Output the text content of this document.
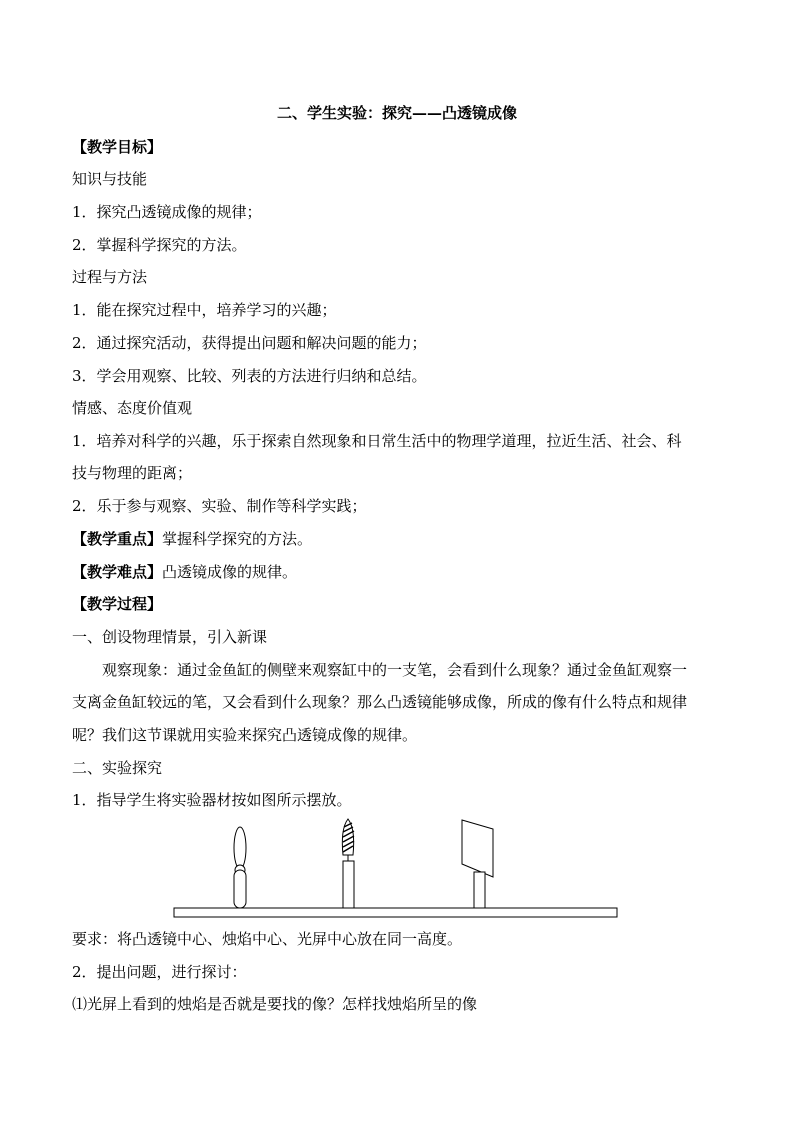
二、学生实验：探究——凸透镜成像
【教学目标】
知识与技能
1．探究凸透镜成像的规律；
2．掌握科学探究的方法。
过程与方法
1．能在探究过程中，培养学习的兴趣；
2．通过探究活动，获得提出问题和解决问题的能力；
3．学会用观察、比较、列表的方法进行归纳和总结。
情感、态度价值观
1．培养对科学的兴趣，乐于探索自然现象和日常生活中的物理学道理，拉近生活、社会、科
技与物理的距离；
2．乐于参与观察、实验、制作等科学实践；
【教学重点】掌握科学探究的方法。
【教学难点】凸透镜成像的规律。
【教学过程】
一、创设物理情景，引入新课
观察现象：通过金鱼缸的侧壁来观察缸中的一支笔，会看到什么现象？通过金鱼缸观察一
支离金鱼缸较远的笔，又会看到什么现象？那么凸透镜能够成像，所成的像有什么特点和规律
呢？我们这节课就用实验来探究凸透镜成像的规律。
二、实验探究
1．指导学生将实验器材按如图所示摆放。
要求：将凸透镜中心、烛焰中心、光屏中心放在同一高度。
2．提出问题，进行探讨：
⑴光屏上看到的烛焰是否就是要找的像？怎样找烛焰所呈的像
